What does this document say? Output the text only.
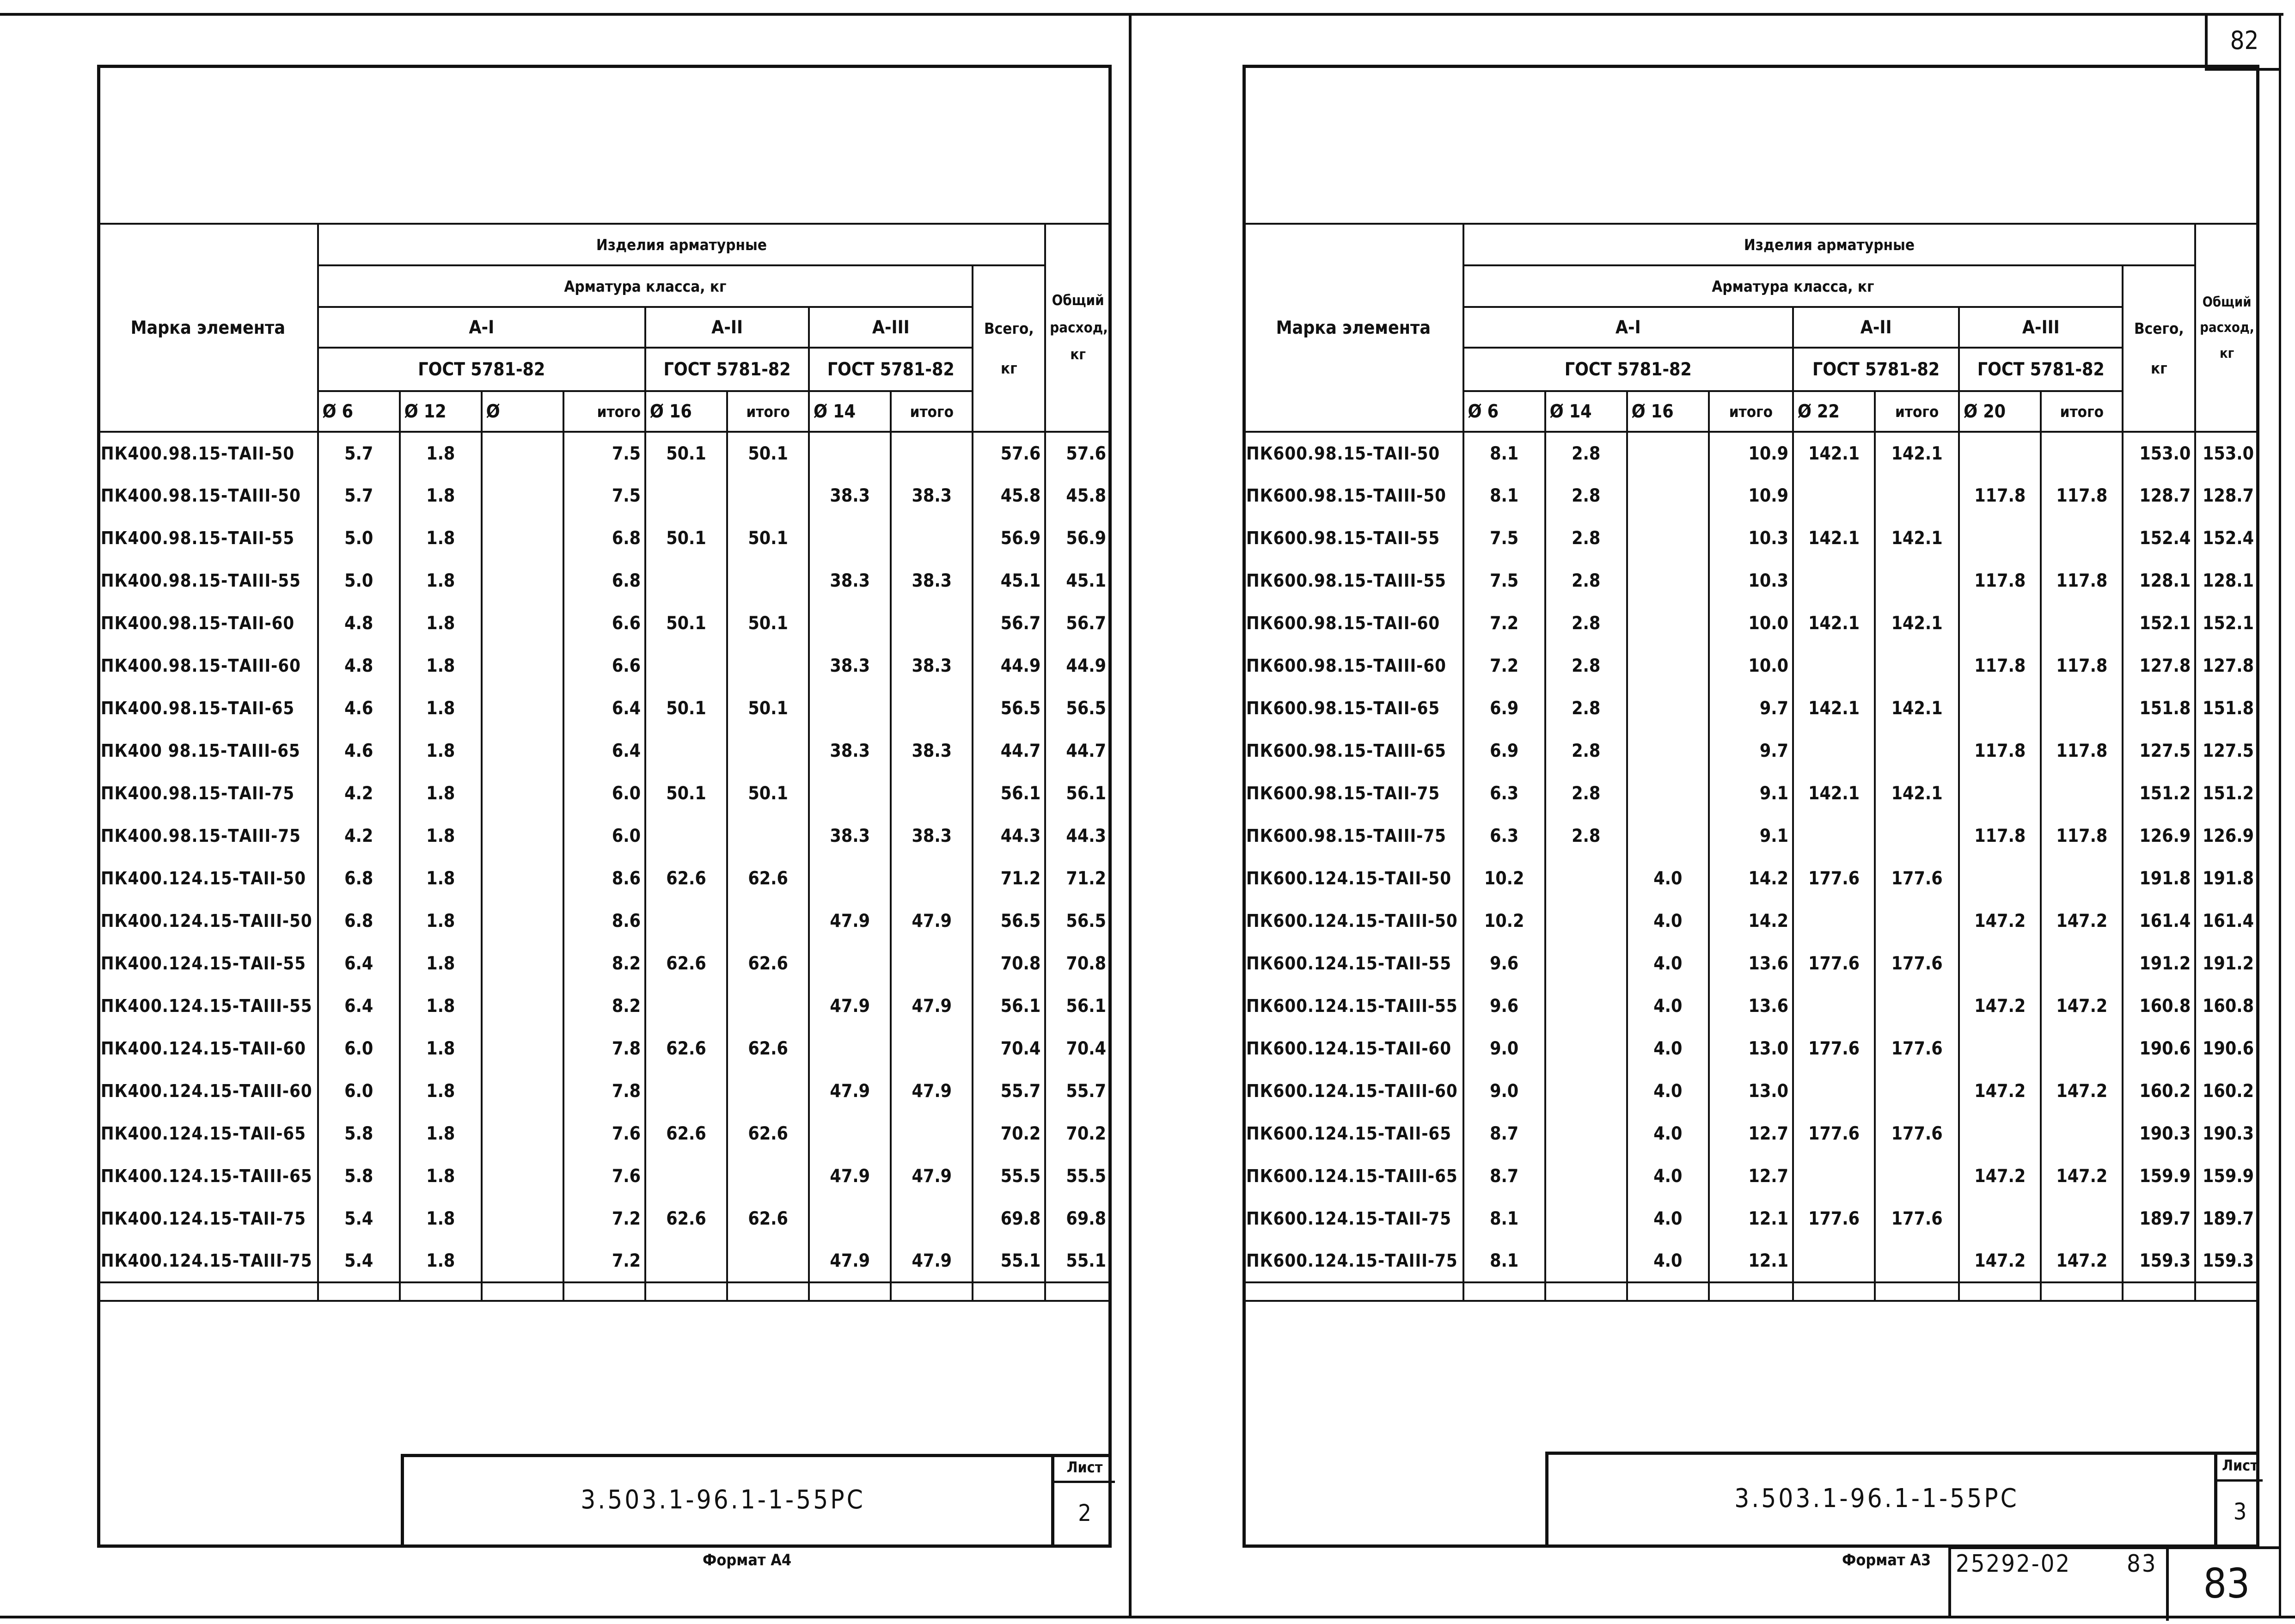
82
Марка элемента	Изделия арматурные									Общий
расход,
кг

	Арматура класса, кг								Всего,
кг	

	A-I				A-II		A-III			
	ГОСТ 5781-82				ГОСТ 5781-82		ГОСТ 5781-82			
	Ø 6	Ø 12	Ø	итого	Ø 16	итого	Ø 14	итого		
ПК400.98.15-ТАII-50	5.7	1.8		7.5	50.1	50.1			57.6	57.6
ПК400.98.15-ТАIII-50	5.7	1.8		7.5			38.3	38.3	45.8	45.8
ПК400.98.15-ТАII-55	5.0	1.8		6.8	50.1	50.1			56.9	56.9
ПК400.98.15-ТАIII-55	5.0	1.8		6.8			38.3	38.3	45.1	45.1
ПК400.98.15-ТАII-60	4.8	1.8		6.6	50.1	50.1			56.7	56.7
ПК400.98.15-ТАIII-60	4.8	1.8		6.6			38.3	38.3	44.9	44.9
ПК400.98.15-ТАII-65	4.6	1.8		6.4	50.1	50.1			56.5	56.5
ПК400 98.15-ТАIII-65	4.6	1.8		6.4			38.3	38.3	44.7	44.7
ПК400.98.15-ТАII-75	4.2	1.8		6.0	50.1	50.1			56.1	56.1
ПК400.98.15-ТАIII-75	4.2	1.8		6.0			38.3	38.3	44.3	44.3
ПК400.124.15-ТАII-50	6.8	1.8		8.6	62.6	62.6			71.2	71.2
ПК400.124.15-ТАIII-50	6.8	1.8		8.6			47.9	47.9	56.5	56.5
ПК400.124.15-ТАII-55	6.4	1.8		8.2	62.6	62.6			70.8	70.8
ПК400.124.15-ТАIII-55	6.4	1.8		8.2			47.9	47.9	56.1	56.1
ПК400.124.15-ТАII-60	6.0	1.8		7.8	62.6	62.6			70.4	70.4
ПК400.124.15-ТАIII-60	6.0	1.8		7.8			47.9	47.9	55.7	55.7
ПК400.124.15-ТАII-65	5.8	1.8		7.6	62.6	62.6			70.2	70.2
ПК400.124.15-ТАIII-65	5.8	1.8		7.6			47.9	47.9	55.5	55.5
ПК400.124.15-ТАII-75	5.4	1.8		7.2	62.6	62.6			69.8	69.8
ПК400.124.15-ТАIII-75	5.4	1.8		7.2			47.9	47.9	55.1	55.1

3.503.1-96.1-1-55РС
Лист
2
Формат А4
Марка элемента	Изделия арматурные									Общий
расход,
кг

	Арматура класса, кг								Всего,
кг	

	A-I				A-II		A-III			
	ГОСТ 5781-82				ГОСТ 5781-82		ГОСТ 5781-82			
	Ø 6	Ø 14	Ø 16	итого	Ø 22	итого	Ø 20	итого		
ПК600.98.15-ТАII-50	8.1	2.8		10.9	142.1	142.1			153.0	153.0
ПК600.98.15-ТАIII-50	8.1	2.8		10.9			117.8	117.8	128.7	128.7
ПК600.98.15-ТАII-55	7.5	2.8		10.3	142.1	142.1			152.4	152.4
ПК600.98.15-ТАIII-55	7.5	2.8		10.3			117.8	117.8	128.1	128.1
ПК600.98.15-ТАII-60	7.2	2.8		10.0	142.1	142.1			152.1	152.1
ПК600.98.15-ТАIII-60	7.2	2.8		10.0			117.8	117.8	127.8	127.8
ПК600.98.15-ТАII-65	6.9	2.8		9.7	142.1	142.1			151.8	151.8
ПК600.98.15-ТАIII-65	6.9	2.8		9.7			117.8	117.8	127.5	127.5
ПК600.98.15-ТАII-75	6.3	2.8		9.1	142.1	142.1			151.2	151.2
ПК600.98.15-ТАIII-75	6.3	2.8		9.1			117.8	117.8	126.9	126.9
ПК600.124.15-ТАII-50	10.2		4.0	14.2	177.6	177.6			191.8	191.8
ПК600.124.15-ТАIII-50	10.2		4.0	14.2			147.2	147.2	161.4	161.4
ПК600.124.15-ТАII-55	9.6		4.0	13.6	177.6	177.6			191.2	191.2
ПК600.124.15-ТАIII-55	9.6		4.0	13.6			147.2	147.2	160.8	160.8
ПК600.124.15-ТАII-60	9.0		4.0	13.0	177.6	177.6			190.6	190.6
ПК600.124.15-ТАIII-60	9.0		4.0	13.0			147.2	147.2	160.2	160.2
ПК600.124.15-ТАII-65	8.7		4.0	12.7	177.6	177.6			190.3	190.3
ПК600.124.15-ТАIII-65	8.7		4.0	12.7			147.2	147.2	159.9	159.9
ПК600.124.15-ТАII-75	8.1		4.0	12.1	177.6	177.6			189.7	189.7
ПК600.124.15-ТАIII-75	8.1		4.0	12.1			147.2	147.2	159.3	159.3

3.503.1-96.1-1-55РС
Лист
3
Формат А3 25292-02 83 83
